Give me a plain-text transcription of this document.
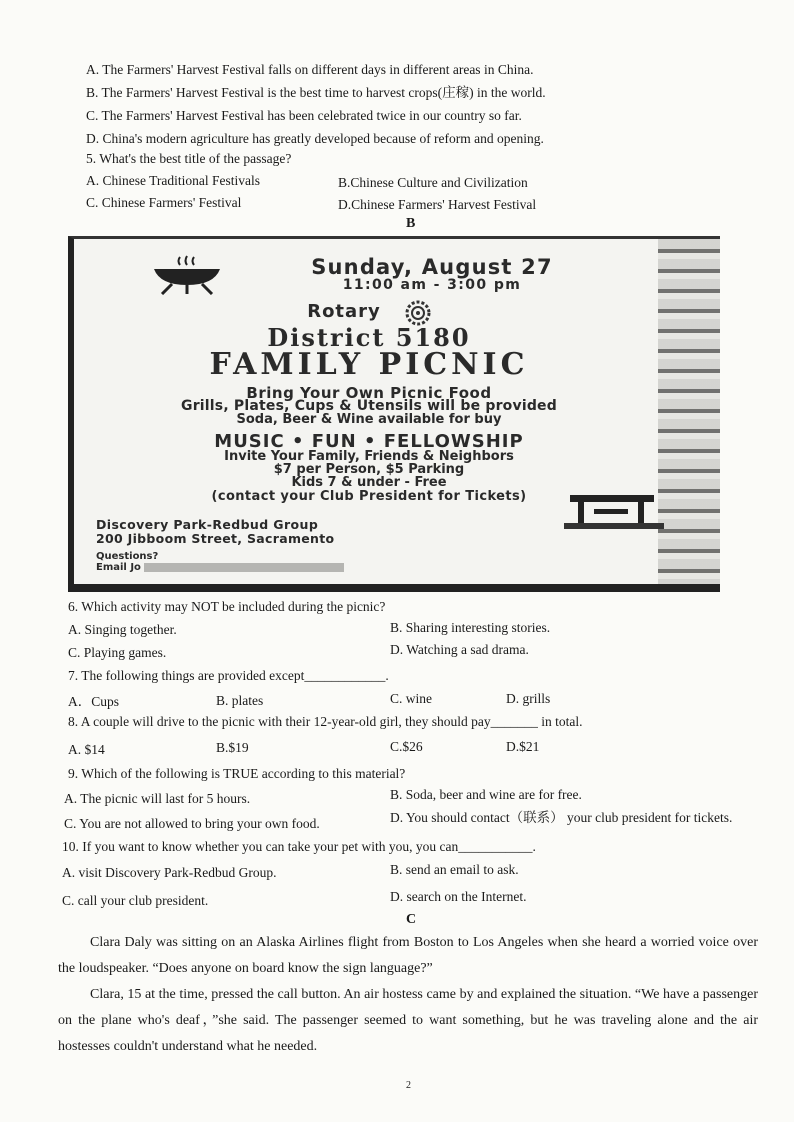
A. The Farmers' Harvest Festival falls on different days in different areas in China.
B. The Farmers' Harvest Festival is the best time to harvest crops(庄稼) in the world.
C. The Farmers' Harvest Festival has been celebrated twice in our country so far.
D. China's modern agriculture has greatly developed because of reform and opening.
5. What's the best title of the passage?
A. Chinese Traditional Festivals	B.Chinese Culture and Civilization
C. Chinese Farmers' Festival	D.Chinese Farmers' Harvest Festival
B
Sunday, August 27
11:00 am - 3:00 pm
Rotary
District 5180
FAMILY PICNIC
Bring Your Own Picnic Food
Grills, Plates, Cups & Utensils will be provided
Soda, Beer & Wine available for buy
MUSIC • FUN • FELLOWSHIP
Invite Your Family, Friends & Neighbors
$7 per Person, $5 Parking
Kids 7 & under - Free
(contact your Club President for Tickets)
Discovery Park-Redbud Group
200 Jibboom Street, Sacramento
Questions?
Email Jo
6. Which activity may NOT be included during the picnic?
A. Singing together.	B. Sharing interesting stories.
C. Playing games.	D. Watching a sad drama.
7. The following things are provided except____________.
A．Cups	B. plates	C. wine	D. grills
8. A couple will drive to the picnic with their 12-year-old girl, they should pay_______ in total.
A. $14	B.$19	C.$26	D.$21
9. Which of the following is TRUE according to this material?
A. The picnic will last for 5 hours.	B. Soda, beer and wine are for free.
C. You are not allowed to bring your own food.	D. You should contact（联系） your club president for tickets.
10. If you want to know whether you can take your pet with you, you can___________.
A. visit Discovery Park-Redbud Group.	B. send an email to ask.
C. call your club president.	D. search on the Internet.
C
Clara Daly was sitting on an Alaska Airlines flight from Boston to Los Angeles when she heard a worried voice over the loudspeaker. “Does anyone on board know the sign language?”
Clara, 15 at the time, pressed the call button. An air hostess came by and explained the situation. “We have a passenger on the plane who's deaf，”she said. The passenger seemed to want something, but he was traveling alone and the air hostesses couldn't understand what he needed.
2
